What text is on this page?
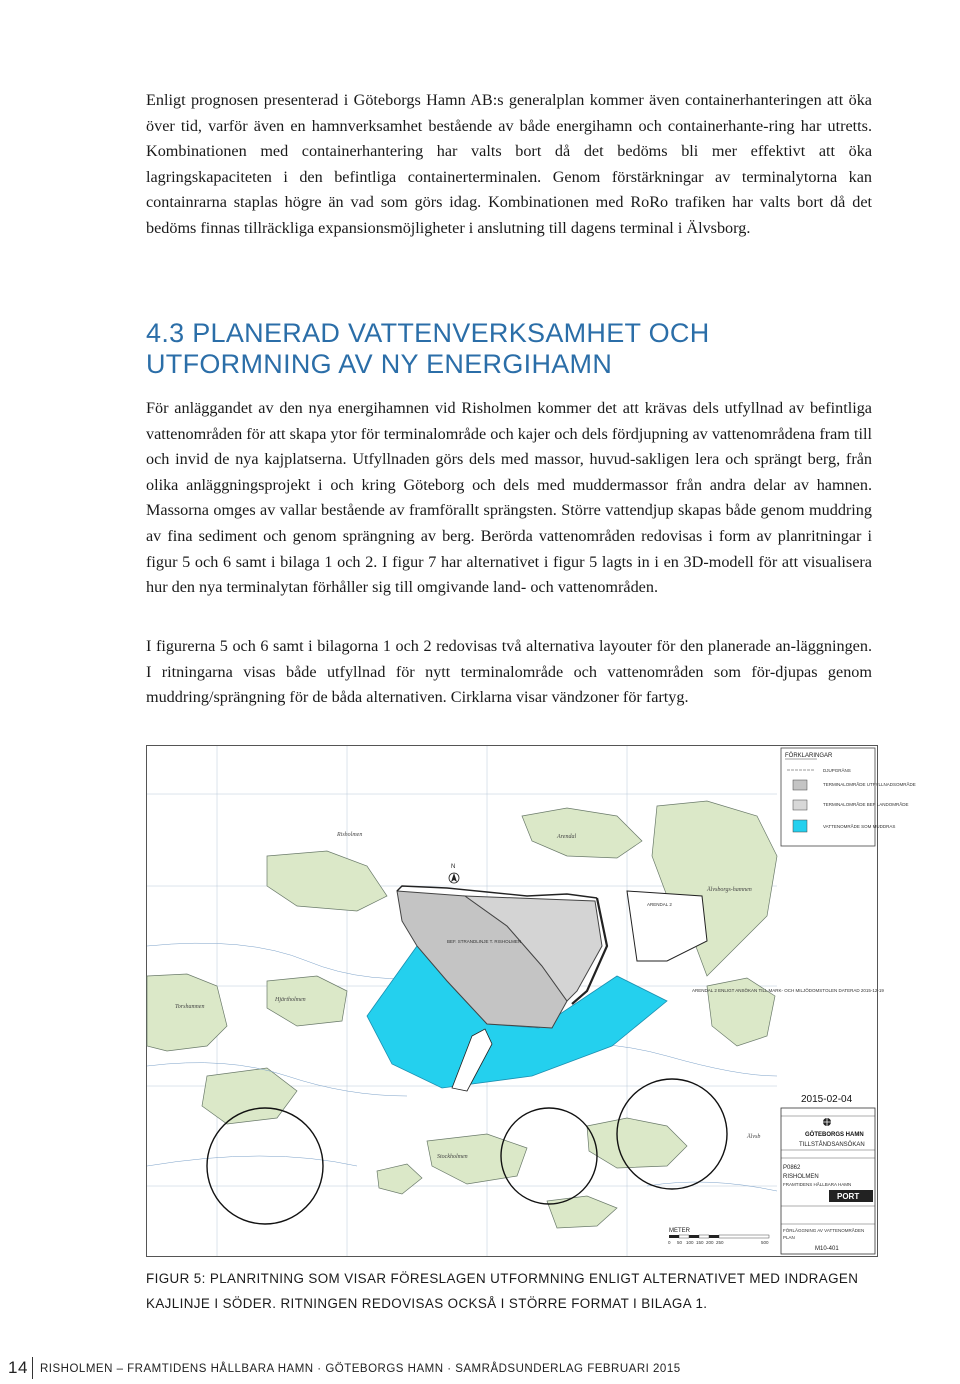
Enligt prognosen presenterad i Göteborgs Hamn AB:s generalplan kommer även containerhanteringen att öka över tid, varför även en hamnverksamhet bestående av både energihamn och containerhante-ring har utretts. Kombinationen med containerhantering har valts bort då det bedöms bli mer effektivt att öka lagringskapaciteten i den befintliga containerterminalen. Genom förstärkningar av terminalytorna kan containrarna staplas högre än vad som görs idag. Kombinationen med RoRo trafiken har valts bort då det bedöms finnas tillräckliga expansionsmöjligheter i anslutning till dagens terminal i Älvsborg.

4.3 PLANERAD VATTENVERKSAMHET OCH UTFORMNING AV NY ENERGIHAMN

För anläggandet av den nya energihamnen vid Risholmen kommer det att krävas dels utfyllnad av befintliga vattenområden för att skapa ytor för terminalområde och kajer och dels fördjupning av vattenområdena fram till och invid de nya kajplatserna. Utfyllnaden görs dels med massor, huvud-sakligen lera och sprängt berg, från olika anläggningsprojekt i och kring Göteborg och dels med muddermassor från andra delar av hamnen. Massorna omges av vallar bestående av framförallt sprängsten. Större vattendjup skapas både genom muddring av fina sediment och genom sprängning av berg. Berörda vattenområden redovisas i form av planritningar i figur 5 och 6 samt i bilaga 1 och 2. I figur 7 har alternativet i figur 5 lagts in i en 3D-modell för att visualisera hur den nya terminalytan förhåller sig till omgivande land- och vattenområden.

I figurerna 5 och 6 samt i bilagorna 1 och 2 redovisas två alternativa layouter för den planerade an-läggningen. I ritningarna visas både utfyllnad för nytt terminalområde och vattenområden som för-djupas genom muddring/sprängning för de båda alternativen. Cirklarna visar vändzoner för fartyg.

Risholmen	Arendal
Torshamnen
Älvsborgs-hamnen
Älvsb
Hjärtholmen
Stockholmen
N
BEF. STRANDLINJE T. RISHOLMEN
ARENDAL 2
ARENDAL 2 ENLIGT ANSÖKAN TILL MARK- OCH MILJÖDOMSTOLEN DATERAD 2015-12-19
FÖRKLARINGAR
DJUPGRÄNS
TERMINALOMRÅDE UTFYLLNADSOMRÅDE
TERMINALOMRÅDE BEF LANDOMRÅDE
VATTENOMRÅDE SOM MUDDRAS
2015-02-04
GÖTEBORGS HAMN
TILLSTÅNDSANSÖKAN
P0862
RISHOLMEN
FRAMTIDENS HÅLLBARA HAMN
PORT
FÖRLÄGGNING AV VATTENOMRÅDEN
PLAN
M10-401
METER
0 50 100 150 200 250	500

FIGUR 5: PLANRITNING SOM VISAR FÖRESLAGEN UTFORMNING ENLIGT ALTERNATIVET MED INDRAGEN KAJLINJE I SÖDER. RITNINGEN REDOVISAS OCKSÅ I STÖRRE FORMAT I BILAGA 1.

14 RISHOLMEN – FRAMTIDENS HÅLLBARA HAMN · GÖTEBORGS HAMN · SAMRÅDSUNDERLAG FEBRUARI 2015
